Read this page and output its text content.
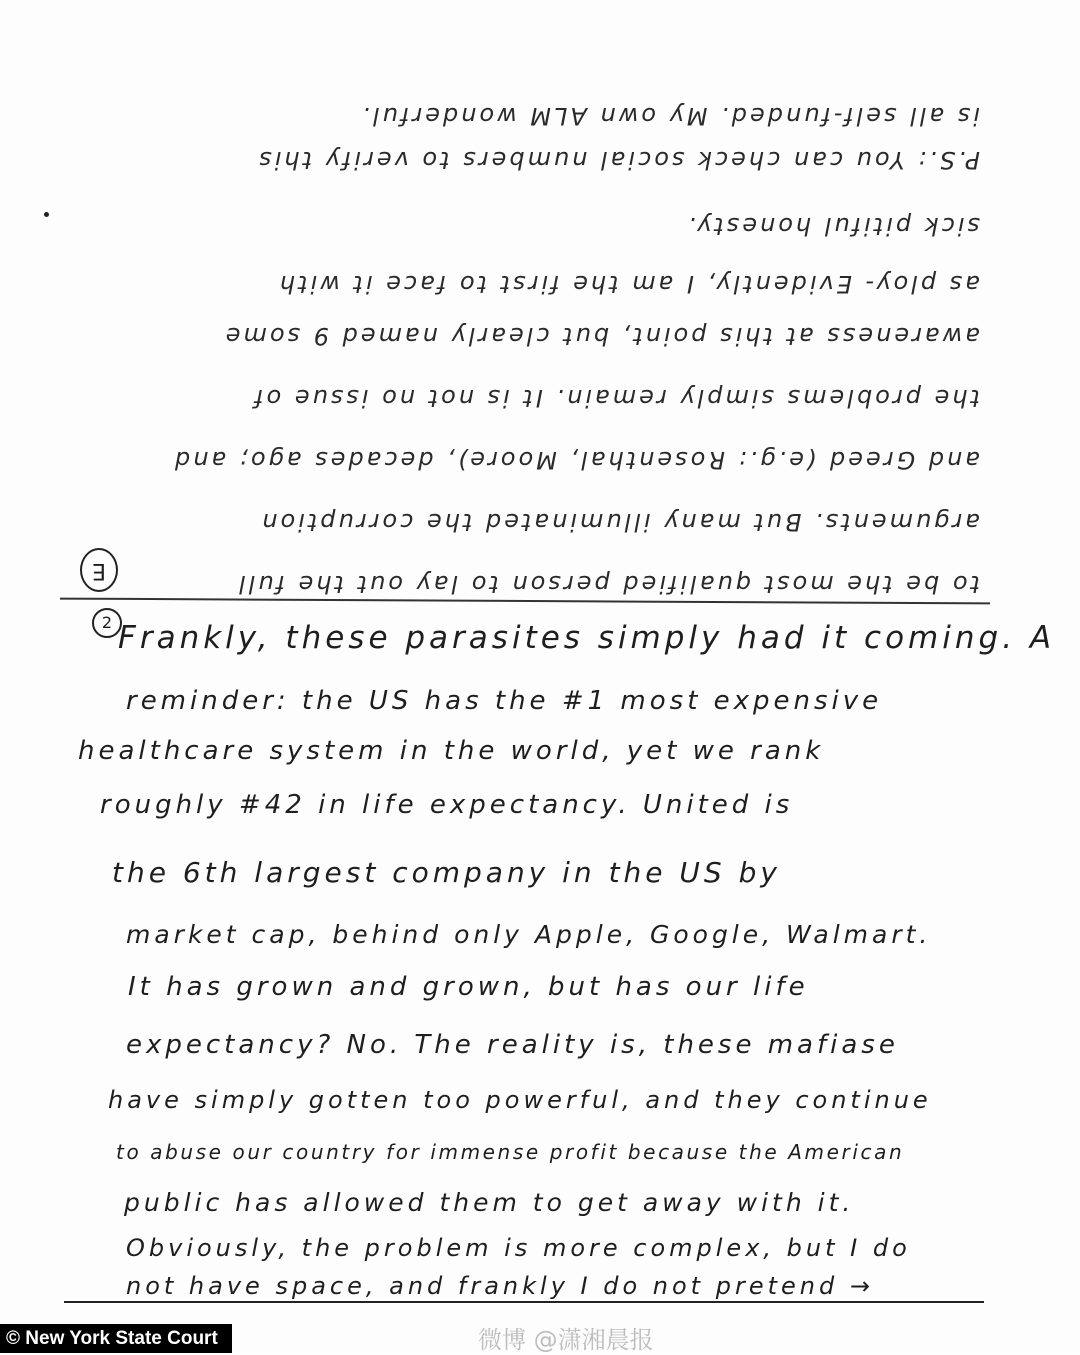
to be the most qualified person to lay out the full
arguments. But many illuminated the corruption
and Greed (e.g.: Rosenthal, Moore), decades ago; and
the problems simply remain. It is not no issue of
awareness at this point, but clearly named 9 some
as ploy- Evidently, I am the first to face it with
sick pitiful honesty.
P.S.: You can check social numbers to verify this
is all self-funded. My own ALM wonderful.
E
2 Frankly, these parasites simply had it coming. A
reminder: the US has the #1 most expensive
healthcare system in the world, yet we rank
roughly #42 in life expectancy. United is
the 6th largest company in the US by
market cap, behind only Apple, Google, Walmart.
It has grown and grown, but has our life
expectancy? No. The reality is, these mafiase
have simply gotten too powerful, and they continue
to abuse our country for immense profit because the American
public has allowed them to get away with it.
Obviously, the problem is more complex, but I do
not have space, and frankly I do not pretend →
© New York State Court	微博 @潇湘晨报
